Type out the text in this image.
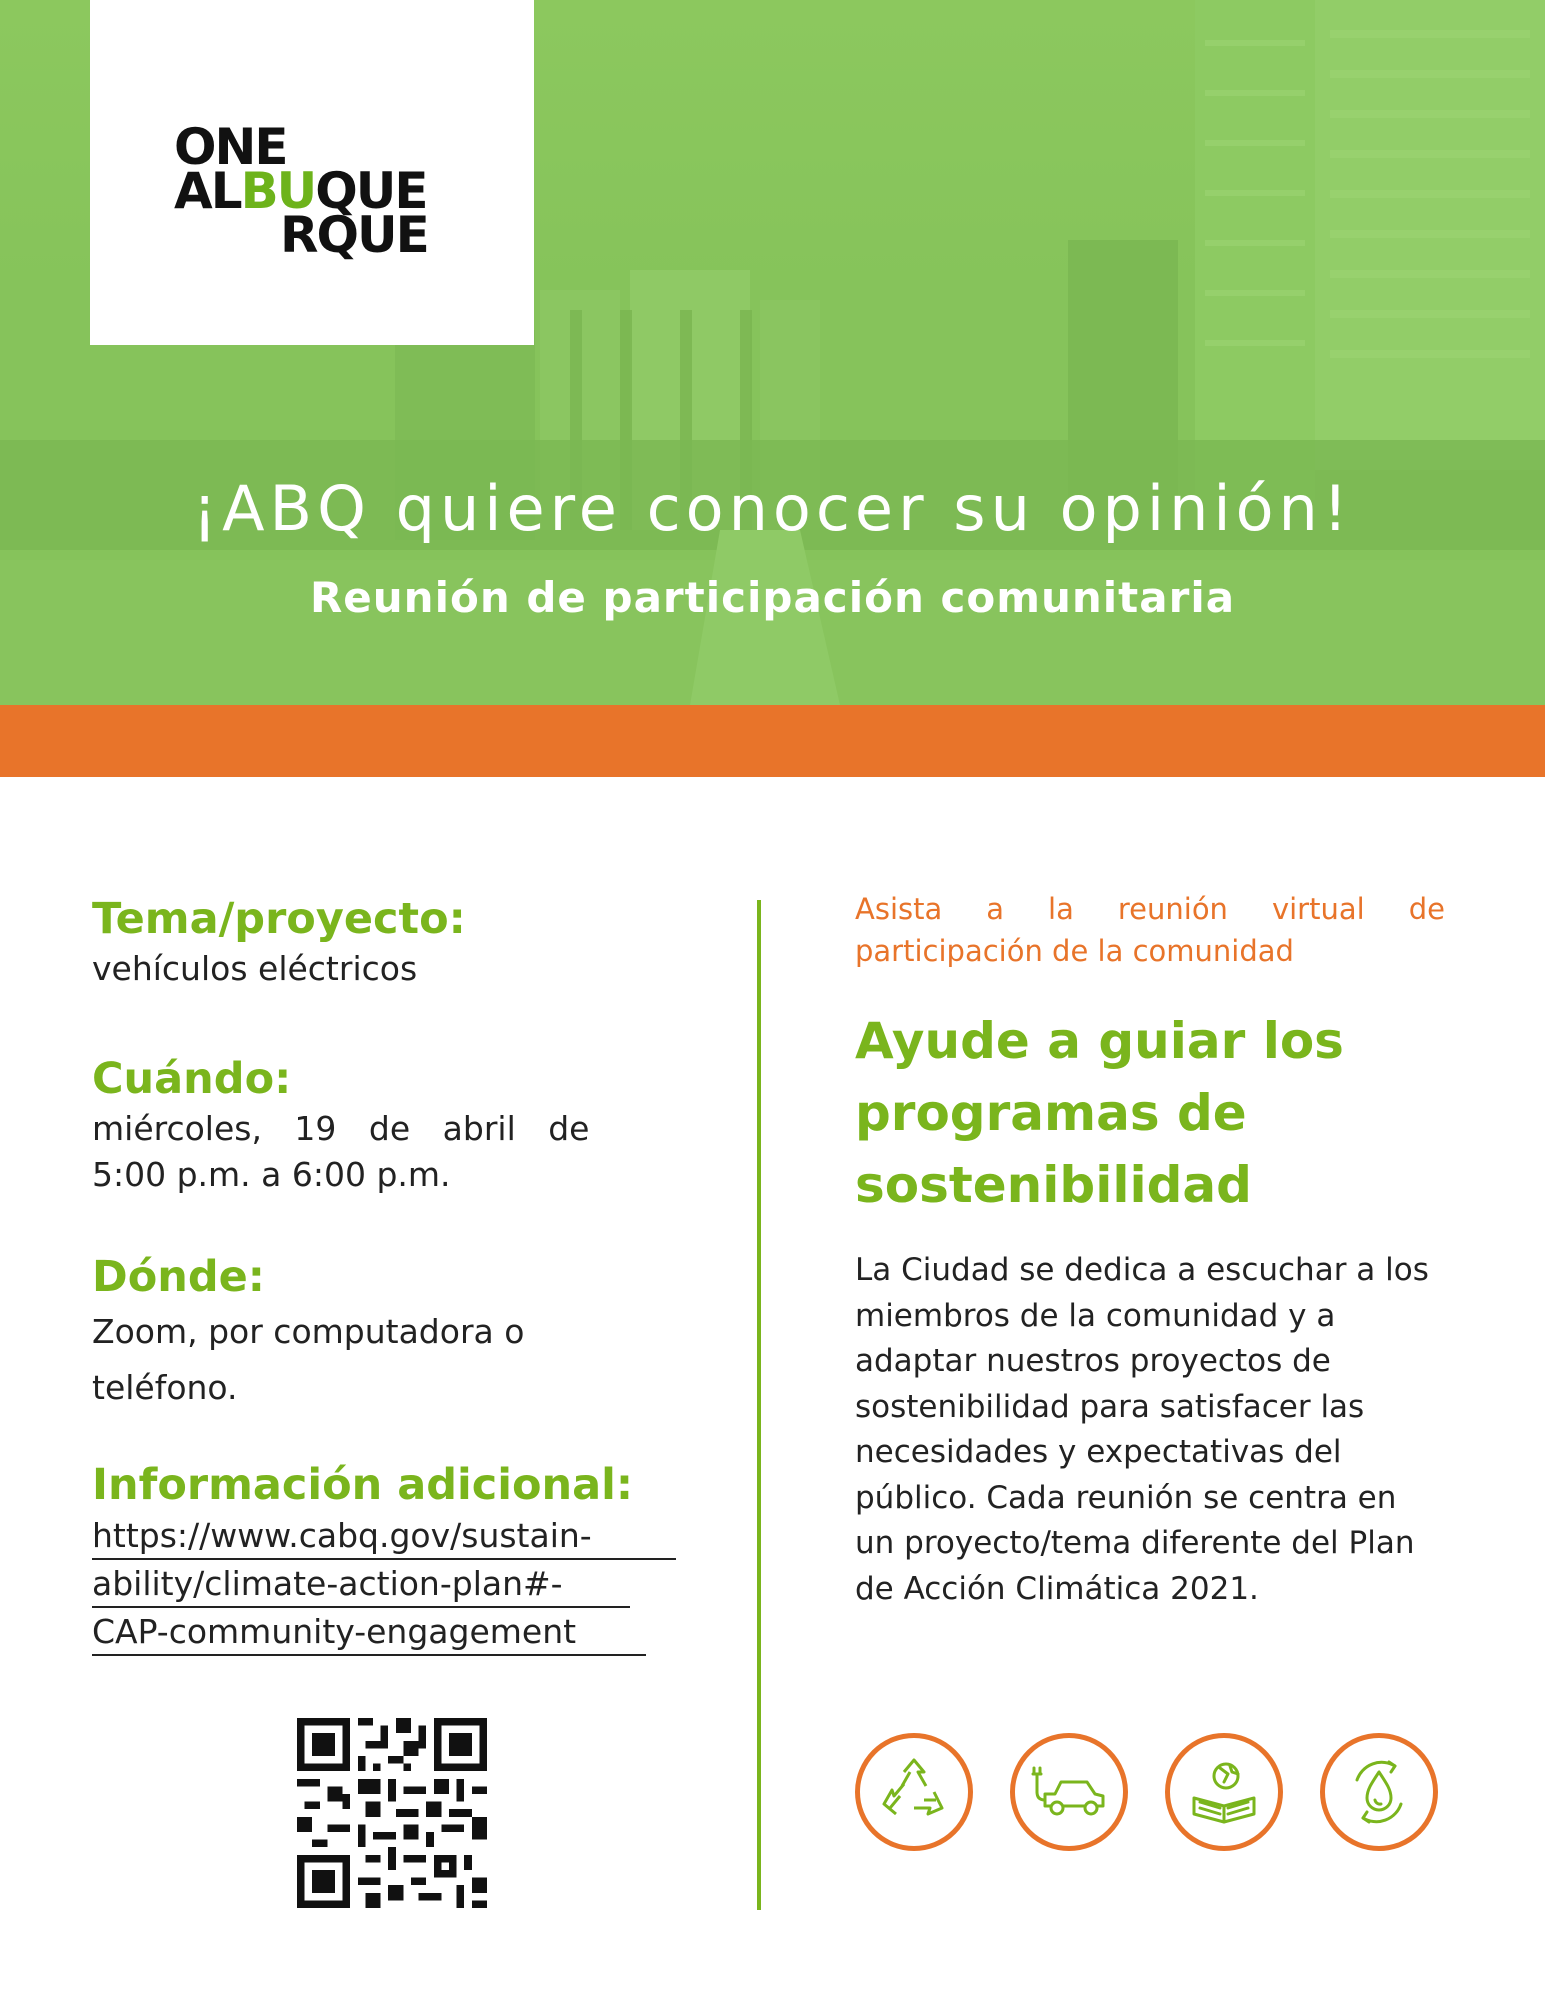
ONE
ALBUQUE
RQUE
¡ABQ quiere conocer su opinión!
Reunión de participación comunitaria

Tema/proyecto:

vehículos eléctricos

Cuándo:

miércoles, 19 de abril de

5:00 p.m. a 6:00 p.m.

Dónde:

Zoom, por computadora o

teléfono.

Información adicional:

https://www.cabq.gov/sustain-
ability/climate-action-plan#-
CAP-community-engagement
Asista a la reunión virtual de
participación de la comunidad
Ayude a guiar los
programas de
sostenibilidad
La Ciudad se dedica a escuchar a los
miembros de la comunidad y a
adaptar nuestros proyectos de
sostenibilidad para satisfacer las
necesidades y expectativas del
público. Cada reunión se centra en
un proyecto/tema diferente del Plan
de Acción Climática 2021.
